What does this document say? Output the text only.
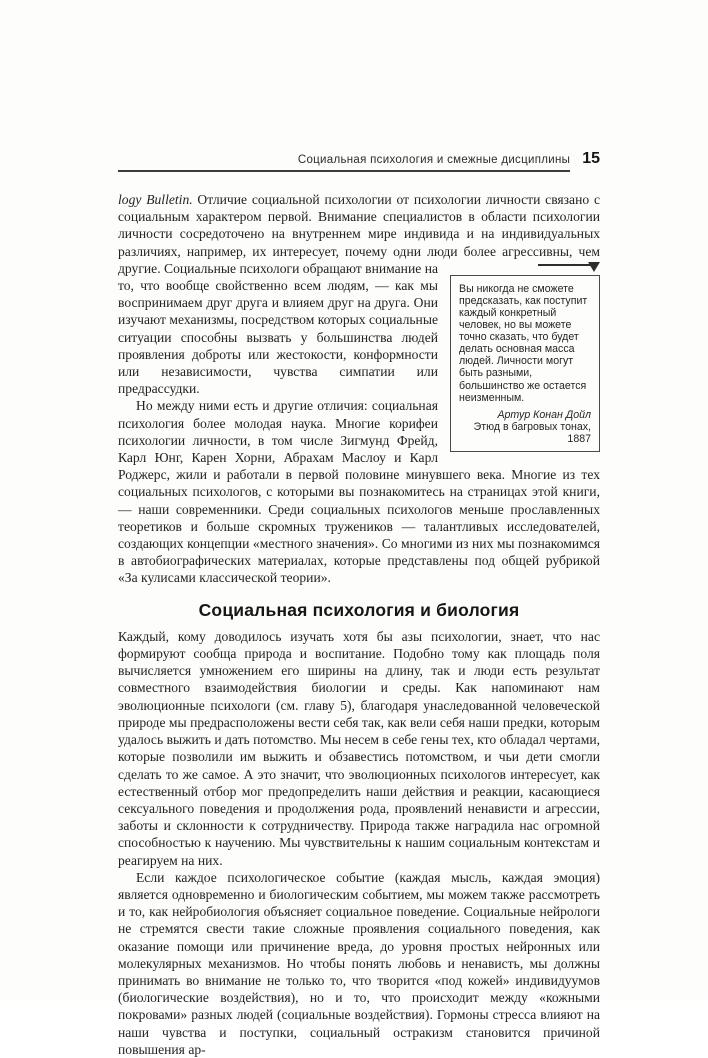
Социальная психология и смежные дисциплины 15

logy Bulletin. Отличие социальной психологии от психологии личности связано с социальным характером первой. Внимание специалистов в области психологии личности сосредоточено на внутреннем мире индивида и на индивидуальных различиях, например, их интересует, почему одни люди более
Вы никогда не сможете предсказать, как поступит каждый конкретный человек, но вы можете точно сказать, что будет делать основная масса людей. Личности могут быть разными, большинство же остается неизменным.
Артур Конан Дойл
Этюд в багровых тонах,
1887
агрессивны, чем другие. Социальные психологи обращают внимание на то, что вообще свойственно всем людям, — как мы воспринимаем друг друга и влияем друг на друга. Они изучают механизмы, посредством которых социальные ситуации способны вызвать у большинства людей проявления доброты или жестокости, конформности или независимости, чувства симпатии или предрассудки.

Но между ними есть и другие отличия: социальная психология более молодая наука. Многие корифеи психологии личности, в том числе Зигмунд Фрейд, Карл Юнг, Карен Хорни, Абрахам Маслоу и Карл Роджерс, жили и работали в первой половине минувшего века. Многие из тех социальных психологов, с которыми вы познакомитесь на страницах этой книги, — наши современники. Среди социальных психологов меньше прославленных теоретиков и больше скромных тружеников — талантливых исследователей, создающих концепции «местного значения». Со многими из них мы познакомимся в автобиографических материалах, которые представлены под общей рубрикой «За кулисами классической теории».

Социальная психология и биология

Каждый, кому доводилось изучать хотя бы азы психологии, знает, что нас формируют сообща природа и воспитание. Подобно тому как площадь поля вычисляется умножением его ширины на длину, так и люди есть результат совместного взаимодействия биологии и среды. Как напоминают нам эволюционные психологи (см. главу 5), благодаря унаследованной человеческой природе мы предрасположены вести себя так, как вели себя наши предки, которым удалось выжить и дать потомство. Мы несем в себе гены тех, кто обладал чертами, которые позволили им выжить и обзавестись потомством, и чьи дети смогли сделать то же самое. А это значит, что эволюционных психологов интересует, как естественный отбор мог предопределить наши действия и реакции, касающиеся сексуального поведения и продолжения рода, проявлений ненависти и агрессии, заботы и склонности к сотрудничеству. Природа также наградила нас огромной способностью к научению. Мы чувствительны к нашим социальным контекстам и реагируем на них.

Если каждое психологическое событие (каждая мысль, каждая эмоция) является одновременно и биологическим событием, мы можем также рассмотреть и то, как нейробиология объясняет социальное поведение. Социальные нейрологи не стремятся свести такие сложные проявления социального поведения, как оказание помощи или причинение вреда, до уровня простых нейронных или молекулярных механизмов. Но чтобы понять любовь и ненависть, мы должны принимать во внимание не только то, что творится «под кожей» индивидуумов (биологические воздействия), но и то, что происходит между «кожными покровами» разных людей (социальные воздействия). Гормоны стресса влияют на наши чувства и поступки, социальный остракизм становится причиной повышения ар-
